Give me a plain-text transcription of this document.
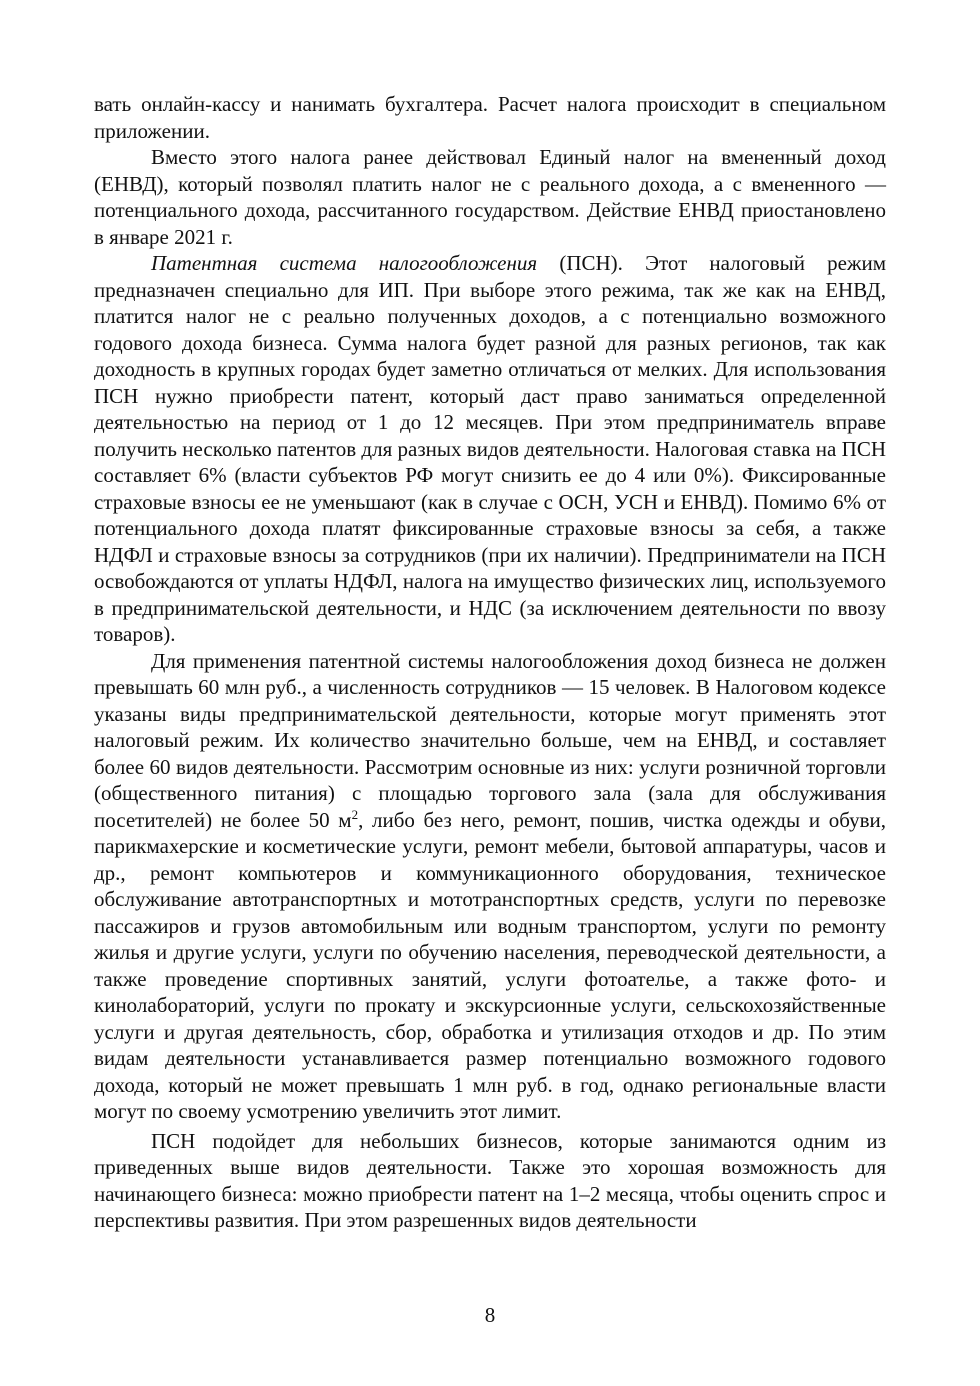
вать онлайн-кассу и нанимать бухгалтера. Расчет налога происходит в специальном приложении.

Вместо этого налога ранее действовал Единый налог на вмененный доход (ЕНВД), который позволял платить налог не с реального дохода, а с вмененного — потенциального дохода, рассчитанного государством. Действие ЕНВД приостановлено в январе 2021 г.

Патентная система налогообложения (ПСН). Этот налоговый режим предназначен специально для ИП. При выборе этого режима, так же как на ЕНВД, платится налог не с реально полученных доходов, а с потенциально возможного годового дохода бизнеса. Сумма налога будет разной для разных регионов, так как доходность в крупных городах будет заметно отличаться от мелких. Для использования ПСН нужно приобрести патент, который даст право заниматься определенной деятельностью на период от 1 до 12 месяцев. При этом предприниматель вправе получить несколько патентов для разных видов деятельности. Налоговая ставка на ПСН составляет 6% (власти субъектов РФ могут снизить ее до 4 или 0%). Фиксированные страховые взносы ее не уменьшают (как в случае с ОСН, УСН и ЕНВД). Помимо 6% от потенциального дохода платят фиксированные страховые взносы за себя, а также НДФЛ и страховые взносы за сотрудников (при их наличии). Предприниматели на ПСН освобождаются от уплаты НДФЛ, налога на имущество физических лиц, используемого в предпринимательской деятельности, и НДС (за исключением деятельности по ввозу товаров).

Для применения патентной системы налогообложения доход бизнеса не должен превышать 60 млн руб., а численность сотрудников — 15 человек. В Налоговом кодексе указаны виды предпринимательской деятельности, которые могут применять этот налоговый режим. Их количество значительно больше, чем на ЕНВД, и составляет более 60 видов деятельности. Рассмотрим основные из них: услуги розничной торговли (общественного питания) с площадью торгового зала (зала для обслуживания посетителей) не более 50 $м^2$, либо без него, ремонт, пошив, чистка одежды и обуви, парикмахерские и косметические услуги, ремонт мебели, бытовой аппаратуры, часов и др., ремонт компьютеров и коммуникационного оборудования, техническое обслуживание автотранспортных и мототранспортных средств, услуги по перевозке пассажиров и грузов автомобильным или водным транспортом, услуги по ремонту жилья и другие услуги, услуги по обучению населения, переводческой деятельности, а также проведение спортивных занятий, услуги фотоателье, а также фото- и кинолабораторий, услуги по прокату и экскурсионные услуги, сельскохозяйственные услуги и другая деятельность, сбор, обработка и утилизация отходов и др. По этим видам деятельности устанавливается размер потенциально возможного годового дохода, который не может превышать 1 млн руб. в год, однако региональные власти могут по своему усмотрению увеличить этот лимит.

ПСН подойдет для небольших бизнесов, которые занимаются одним из приведенных выше видов деятельности. Также это хорошая возможность для начинающего бизнеса: можно приобрести патент на 1–2 месяца, чтобы оценить спрос и перспективы развития. При этом разрешенных видов деятельности

8
